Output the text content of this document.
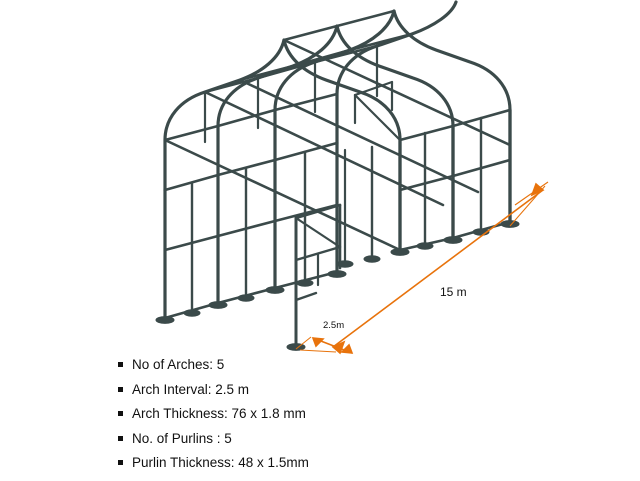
15 m
2.5m
No of Arches: 5
Arch Interval: 2.5 m
Arch Thickness: 76 x 1.8 mm
No. of Purlins : 5
Purlin Thickness: 48 x 1.5mm
